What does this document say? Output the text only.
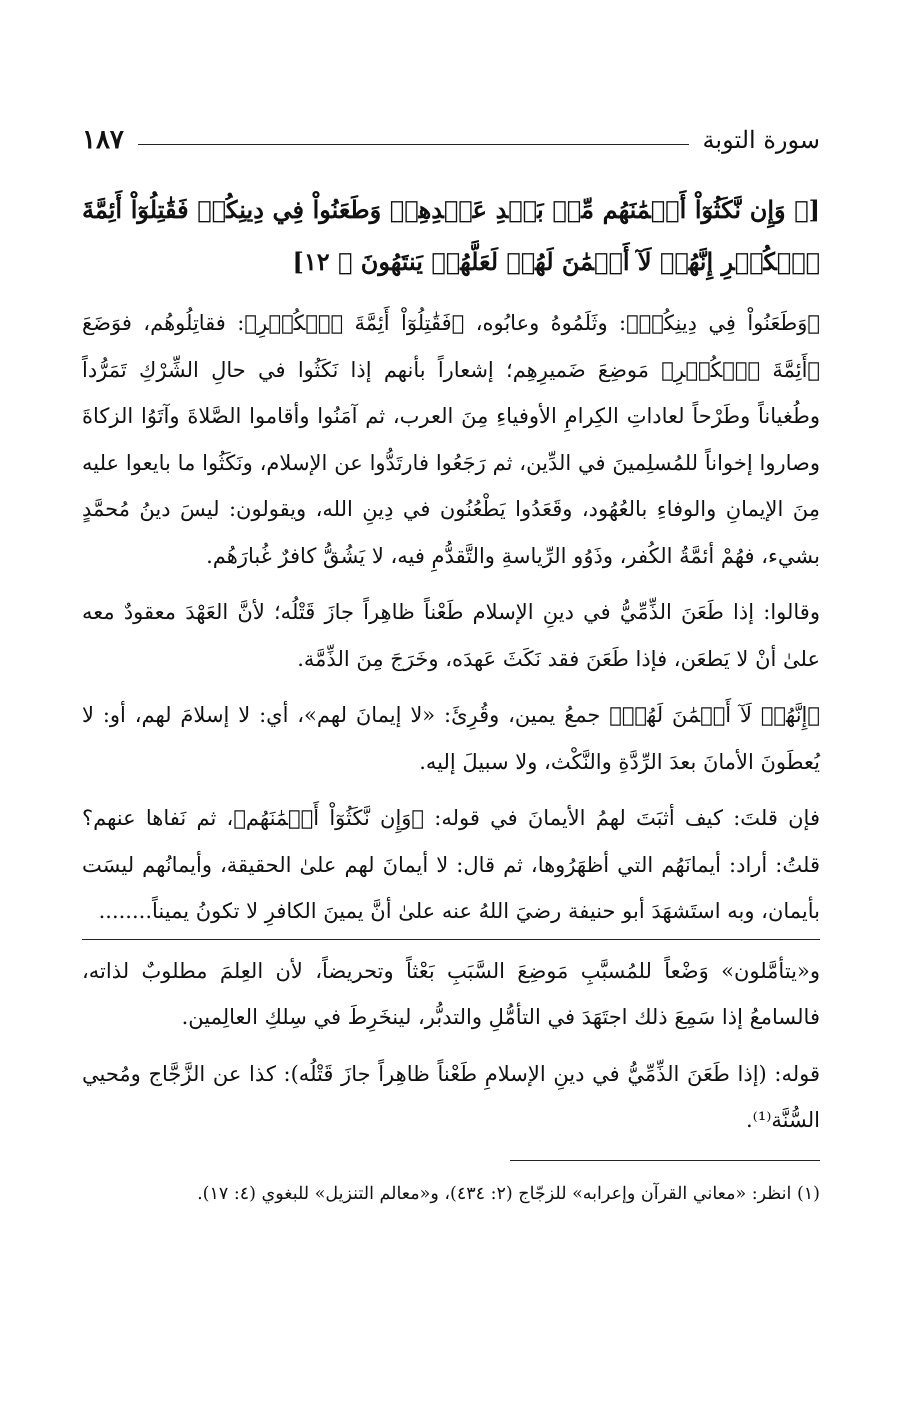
سورة التوبة
١٨٧
[﴿ وَإِن نَّكَثُوٓاْ أَيۡمَٰنَهُم مِّنۢ بَعۡدِ عَهۡدِهِمۡ وَطَعَنُواْ فِي دِينِكُمۡ فَقَٰتِلُوٓاْ أَئِمَّةَ ٱلۡكُفۡرِ إِنَّهُمۡ لَآ أَيۡمَٰنَ لَهُمۡ لَعَلَّهُمۡ يَنتَهُونَ ﴾ ١٢]

﴿وَطَعَنُواْ فِي دِينِكُمۡ﴾: وثَلَمُوهُ وعابُوه، ﴿فَقَٰتِلُوٓاْ أَئِمَّةَ ٱلۡكُفۡرِ﴾: فقاتِلُوهُم، فوَضَعَ ﴿أَئِمَّةَ ٱلۡكُفۡرِ﴾ مَوضِعَ ضَميرِهِم؛ إشعاراً بأنهم إذا نَكَثُوا في حالِ الشِّرْكِ تَمَرُّداً وطُغياناً وطَرْحاً لعاداتِ الكِرامِ الأوفياءِ مِنَ العرب، ثم آمَنُوا وأقاموا الصَّلاةَ وآتَوُا الزكاةَ وصاروا إخواناً للمُسلِمينَ في الدِّين، ثم رَجَعُوا فارتَدُّوا عن الإسلام، ونَكَثُوا ما بايعوا عليه مِنَ الإيمانِ والوفاءِ بالعُهُود، وقَعَدُوا يَطْعُنُون في دِينِ الله، ويقولون: ليسَ دينُ مُحمَّدٍ بشيء، فهُمْ أئمَّةُ الكُفر، وذَوُو الرِّياسةِ والتَّقدُّمِ فيه، لا يَشُقُّ كافرٌ غُبارَهُم.

وقالوا: إذا طَعَنَ الذِّمِّيُّ في دينِ الإسلام طَعْناً ظاهِراً جازَ قَتْلُه؛ لأنَّ العَهْدَ معقودٌ معه علىٰ أنْ لا يَطعَن، فإذا طَعَنَ فقد نَكَثَ عَهدَه، وخَرَجَ مِنَ الذِّمَّة.

﴿إِنَّهُمۡ لَآ أَيۡمَٰنَ لَهُمۡ﴾ جمعُ يمين، وقُرِئَ: «لا إيمانَ لهم»، أي: لا إسلامَ لهم، أو: لا يُعطَونَ الأمانَ بعدَ الرِّدَّةِ والنَّكْث، ولا سبيلَ إليه.

فإن قلتَ: كيف أثبَتَ لهمُ الأيمانَ في قوله: ﴿وَإِن نَّكَثُوٓاْ أَيۡمَٰنَهُم﴾، ثم نَفاها عنهم؟ قلتُ: أراد: أيمانَهُم التي أظهَرُوها، ثم قال: لا أيمانَ لهم علىٰ الحقيقة، وأيمانُهم ليسَت بأيمان، وبه استَشهَدَ أبو حنيفة رضيَ اللهُ عنه علىٰ أنَّ يمينَ الكافرِ لا تكونُ يميناً........

و«يتأمَّلون» وَضْعاً للمُسبَّبِ مَوضِعَ السَّبَبِ بَعْثاً وتحريضاً، لأن العِلمَ مطلوبٌ لذاته، فالسامعُ إذا سَمِعَ ذلك اجتَهَدَ في التأمُّلِ والتدبُّر، لينخَرِطَ في سِلكِ العالِمين.

قوله: (إذا طَعَنَ الذِّمِّيُّ في دينِ الإسلامِ طَعْناً ظاهِراً جازَ قَتْلُه): كذا عن الزَّجَّاج ومُحيي السُّنَّة⁽¹⁾.

(١) انظر: «معاني القرآن وإعرابه» للزجّاج (٢: ٤٣٤)، و«معالم التنزيل» للبغوي (٤: ١٧).
